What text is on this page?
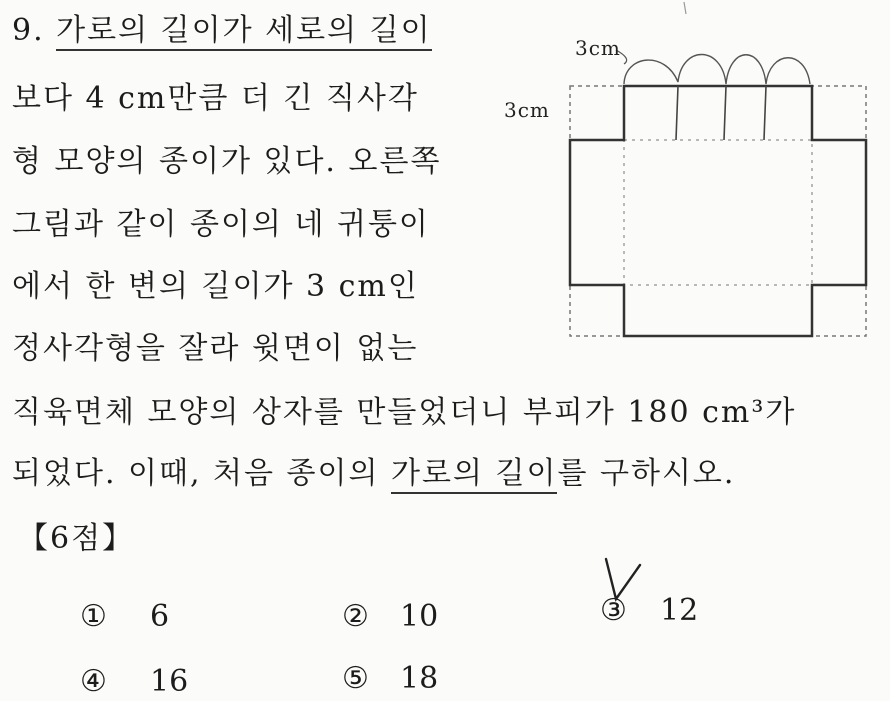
9. 가로의 길이가 세로의 길이
보다 4 cm만큼 더 긴 직사각
형 모양의 종이가 있다. 오른쪽
그림과 같이 종이의 네 귀퉁이
에서 한 변의 길이가 3 cm인
정사각형을 잘라 윗면이 없는
직육면체 모양의 상자를 만들었더니 부피가 180 cm³가
되었다. 이때, 처음 종이의 가로의 길이를 구하시오.
【6점】
3cm
3cm
① 6	② 10	③ 12
④ 16	⑤ 18
